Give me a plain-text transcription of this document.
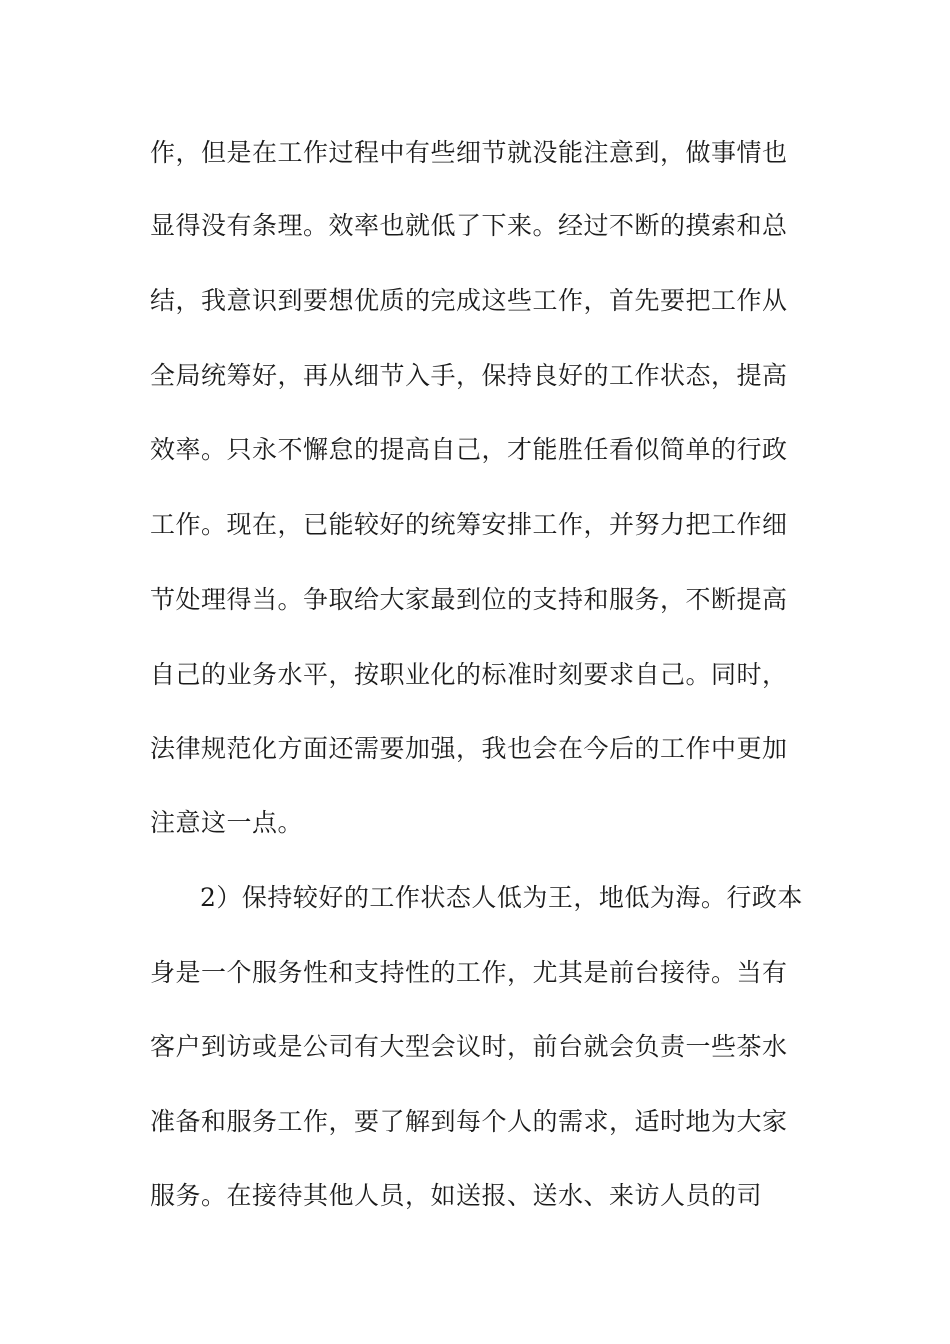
作，但是在工作过程中有些细节就没能注意到，做事情也
显得没有条理。效率也就低了下来。经过不断的摸索和总
结，我意识到要想优质的完成这些工作，首先要把工作从
全局统筹好，再从细节入手，保持良好的工作状态，提高
效率。只永不懈怠的提高自己，才能胜任看似简单的行政
工作。现在，已能较好的统筹安排工作，并努力把工作细
节处理得当。争取给大家最到位的支持和服务，不断提高
自己的业务水平，按职业化的标准时刻要求自己。同时，
法律规范化方面还需要加强，我也会在今后的工作中更加
注意这一点。
2）保持较好的工作状态人低为王，地低为海。行政本
身是一个服务性和支持性的工作，尤其是前台接待。当有
客户到访或是公司有大型会议时，前台就会负责一些茶水
准备和服务工作，要了解到每个人的需求，适时地为大家
服务。在接待其他人员，如送报、送水、来访人员的司
